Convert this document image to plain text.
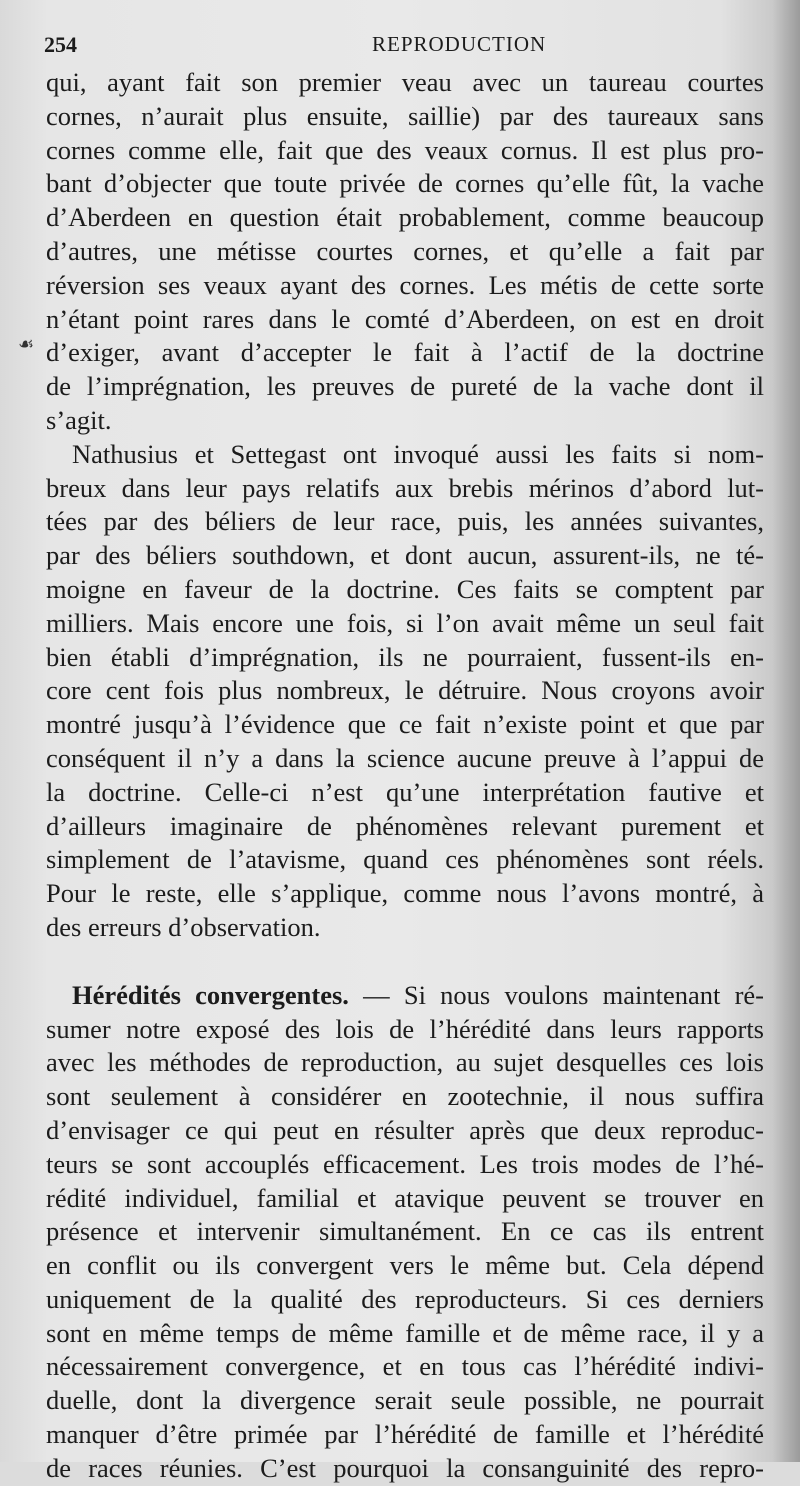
254	REPRODUCTION
☙
qui, ayant fait son premier veau avec un taureau courtes
cornes, n’aurait plus ensuite, saillie) par des taureaux sans
cornes comme elle, fait que des veaux cornus. Il est plus pro-
bant d’objecter que toute privée de cornes qu’elle fût, la vache
d’Aberdeen en question était probablement, comme beaucoup
d’autres, une métisse courtes cornes, et qu’elle a fait par
réversion ses veaux ayant des cornes. Les métis de cette sorte
n’étant point rares dans le comté d’Aberdeen, on est en droit
d’exiger, avant d’accepter le fait à l’actif de la doctrine
de l’imprégnation, les preuves de pureté de la vache dont il
s’agit.
Nathusius et Settegast ont invoqué aussi les faits si nom-
breux dans leur pays relatifs aux brebis mérinos d’abord lut-
tées par des béliers de leur race, puis, les années suivantes,
par des béliers southdown, et dont aucun, assurent-ils, ne té-
moigne en faveur de la doctrine. Ces faits se comptent par
milliers. Mais encore une fois, si l’on avait même un seul fait
bien établi d’imprégnation, ils ne pourraient, fussent-ils en-
core cent fois plus nombreux, le détruire. Nous croyons avoir
montré jusqu’à l’évidence que ce fait n’existe point et que par
conséquent il n’y a dans la science aucune preuve à l’appui de
la doctrine. Celle-ci n’est qu’une interprétation fautive et
d’ailleurs imaginaire de phénomènes relevant purement et
simplement de l’atavisme, quand ces phénomènes sont réels.
Pour le reste, elle s’applique, comme nous l’avons montré, à
des erreurs d’observation.
Hérédités convergentes. — Si nous voulons maintenant ré-
sumer notre exposé des lois de l’hérédité dans leurs rapports
avec les méthodes de reproduction, au sujet desquelles ces lois
sont seulement à considérer en zootechnie, il nous suffira
d’envisager ce qui peut en résulter après que deux reproduc-
teurs se sont accouplés efficacement. Les trois modes de l’hé-
rédité individuel, familial et atavique peuvent se trouver en
présence et intervenir simultanément. En ce cas ils entrent
en conflit ou ils convergent vers le même but. Cela dépend
uniquement de la qualité des reproducteurs. Si ces derniers
sont en même temps de même famille et de même race, il y a
nécessairement convergence, et en tous cas l’hérédité indivi-
duelle, dont la divergence serait seule possible, ne pourrait
manquer d’être primée par l’hérédité de famille et l’hérédité
de races réunies. C’est pourquoi la consanguinité des repro-
